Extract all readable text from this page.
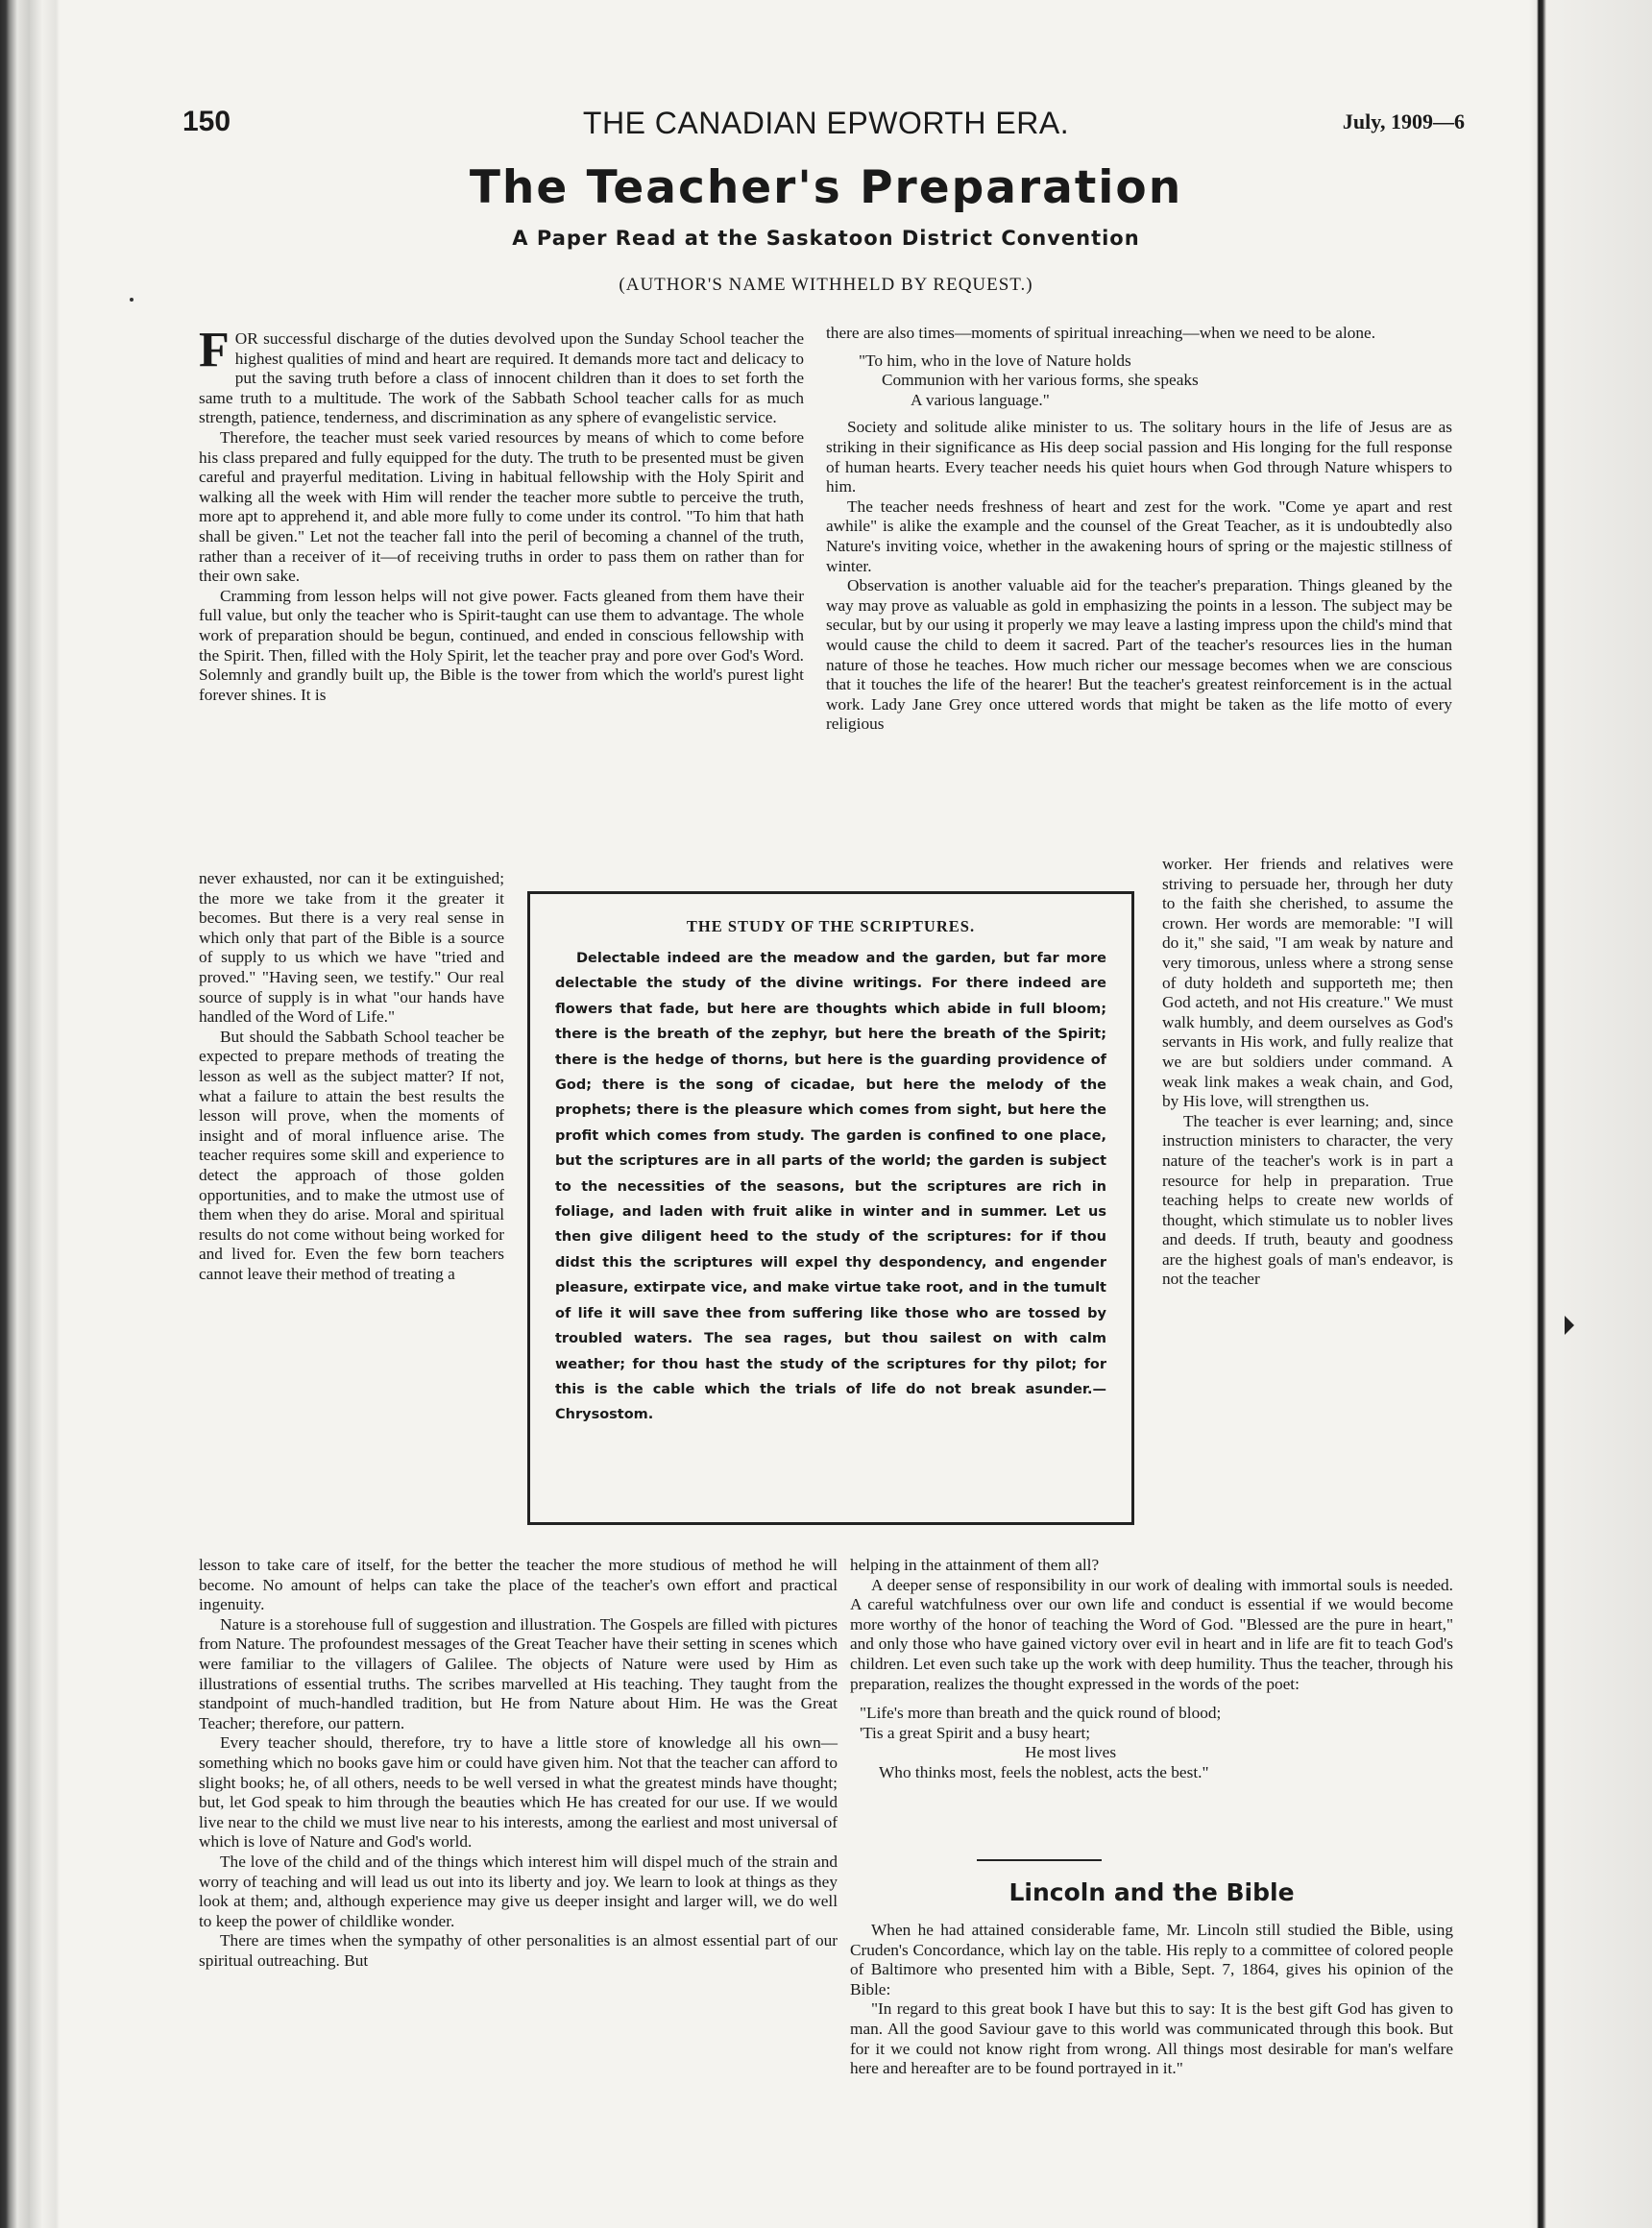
150	THE CANADIAN EPWORTH ERA.	July, 1909—6
The Teacher's Preparation
A Paper Read at the Saskatoon District Convention
(AUTHOR'S NAME WITHHELD BY REQUEST.)

FOR successful discharge of the duties devolved upon the Sunday School teacher the highest qualities of mind and heart are required. It demands more tact and delicacy to put the saving truth before a class of innocent children than it does to set forth the same truth to a multitude. The work of the Sabbath School teacher calls for as much strength, patience, tenderness, and discrimination as any sphere of evangelistic service.

Therefore, the teacher must seek varied resources by means of which to come before his class prepared and fully equipped for the duty. The truth to be presented must be given careful and prayerful meditation. Living in habitual fellowship with the Holy Spirit and walking all the week with Him will render the teacher more subtle to perceive the truth, more apt to apprehend it, and able more fully to come under its control. "To him that hath shall be given." Let not the teacher fall into the peril of becoming a channel of the truth, rather than a receiver of it—of receiving truths in order to pass them on rather than for their own sake.

Cramming from lesson helps will not give power. Facts gleaned from them have their full value, but only the teacher who is Spirit-taught can use them to advantage. The whole work of preparation should be begun, continued, and ended in conscious fellowship with the Spirit. Then, filled with the Holy Spirit, let the teacher pray and pore over God's Word. Solemnly and grandly built up, the Bible is the tower from which the world's purest light forever shines. It is

never exhausted, nor can it be extinguished; the more we take from it the greater it becomes. But there is a very real sense in which only that part of the Bible is a source of supply to us which we have "tried and proved." "Having seen, we testify." Our real source of supply is in what "our hands have handled of the Word of Life."

But should the Sabbath School teacher be expected to prepare methods of treating the lesson as well as the subject matter? If not, what a failure to attain the best results the lesson will prove, when the moments of insight and of moral influence arise. The teacher requires some skill and experience to detect the approach of those golden opportunities, and to make the utmost use of them when they do arise. Moral and spiritual results do not come without being worked for and lived for. Even the few born teachers cannot leave their method of treating a

THE STUDY OF THE SCRIPTURES.

Delectable indeed are the meadow and the garden, but far more delectable the study of the divine writings. For there indeed are flowers that fade, but here are thoughts which abide in full bloom; there is the breath of the zephyr, but here the breath of the Spirit; there is the hedge of thorns, but here is the guarding providence of God; there is the song of cicadae, but here the melody of the prophets; there is the pleasure which comes from sight, but here the profit which comes from study. The garden is confined to one place, but the scriptures are in all parts of the world; the garden is subject to the necessities of the seasons, but the scriptures are rich in foliage, and laden with fruit alike in winter and in summer. Let us then give diligent heed to the study of the scriptures: for if thou didst this the scriptures will expel thy despondency, and engender pleasure, extirpate vice, and make virtue take root, and in the tumult of life it will save thee from suffering like those who are tossed by troubled waters. The sea rages, but thou sailest on with calm weather; for thou hast the study of the scriptures for thy pilot; for this is the cable which the trials of life do not break asunder.—Chrysostom.

there are also times—moments of spiritual inreaching—when we need to be alone.

"To him, who in the love of Nature holds

Communion with her various forms, she speaks

A various language."

Society and solitude alike minister to us. The solitary hours in the life of Jesus are as striking in their significance as His deep social passion and His longing for the full response of human hearts. Every teacher needs his quiet hours when God through Nature whispers to him.

The teacher needs freshness of heart and zest for the work. "Come ye apart and rest awhile" is alike the example and the counsel of the Great Teacher, as it is undoubtedly also Nature's inviting voice, whether in the awakening hours of spring or the majestic stillness of winter.

Observation is another valuable aid for the teacher's preparation. Things gleaned by the way may prove as valuable as gold in emphasizing the points in a lesson. The subject may be secular, but by our using it properly we may leave a lasting impress upon the child's mind that would cause the child to deem it sacred. Part of the teacher's resources lies in the human nature of those he teaches. How much richer our message becomes when we are conscious that it touches the life of the hearer! But the teacher's greatest reinforcement is in the actual work. Lady Jane Grey once uttered words that might be taken as the life motto of every religious

worker. Her friends and relatives were striving to persuade her, through her duty to the faith she cherished, to assume the crown. Her words are memorable: "I will do it," she said, "I am weak by nature and very timorous, unless where a strong sense of duty holdeth and supporteth me; then God acteth, and not His creature." We must walk humbly, and deem ourselves as God's servants in His work, and fully realize that we are but soldiers under command. A weak link makes a weak chain, and God, by His love, will strengthen us.

The teacher is ever learning; and, since instruction ministers to character, the very nature of the teacher's work is in part a resource for help in preparation. True teaching helps to create new worlds of thought, which stimulate us to nobler lives and deeds. If truth, beauty and goodness are the highest goals of man's endeavor, is not the teacher

lesson to take care of itself, for the better the teacher the more studious of method he will become. No amount of helps can take the place of the teacher's own effort and practical ingenuity.

Nature is a storehouse full of suggestion and illustration. The Gospels are filled with pictures from Nature. The profoundest messages of the Great Teacher have their setting in scenes which were familiar to the villagers of Galilee. The objects of Nature were used by Him as illustrations of essential truths. The scribes marvelled at His teaching. They taught from the standpoint of much-handled tradition, but He from Nature about Him. He was the Great Teacher; therefore, our pattern.

Every teacher should, therefore, try to have a little store of knowledge all his own—something which no books gave him or could have given him. Not that the teacher can afford to slight books; he, of all others, needs to be well versed in what the greatest minds have thought; but, let God speak to him through the beauties which He has created for our use. If we would live near to the child we must live near to his interests, among the earliest and most universal of which is love of Nature and God's world.

The love of the child and of the things which interest him will dispel much of the strain and worry of teaching and will lead us out into its liberty and joy. We learn to look at things as they look at them; and, although experience may give us deeper insight and larger will, we do well to keep the power of childlike wonder.

There are times when the sympathy of other personalities is an almost essential part of our spiritual outreaching. But

helping in the attainment of them all?

A deeper sense of responsibility in our work of dealing with immortal souls is needed. A careful watchfulness over our own life and conduct is essential if we would become more worthy of the honor of teaching the Word of God. "Blessed are the pure in heart," and only those who have gained victory over evil in heart and in life are fit to teach God's children. Let even such take up the work with deep humility. Thus the teacher, through his preparation, realizes the thought expressed in the words of the poet:

"Life's more than breath and the quick round of blood;

'Tis a great Spirit and a busy heart;

He most lives

Who thinks most, feels the noblest, acts the best."

Lincoln and the Bible

When he had attained considerable fame, Mr. Lincoln still studied the Bible, using Cruden's Concordance, which lay on the table. His reply to a committee of colored people of Baltimore who presented him with a Bible, Sept. 7, 1864, gives his opinion of the Bible:

"In regard to this great book I have but this to say: It is the best gift God has given to man. All the good Saviour gave to this world was communicated through this book. But for it we could not know right from wrong. All things most desirable for man's welfare here and hereafter are to be found portrayed in it."
